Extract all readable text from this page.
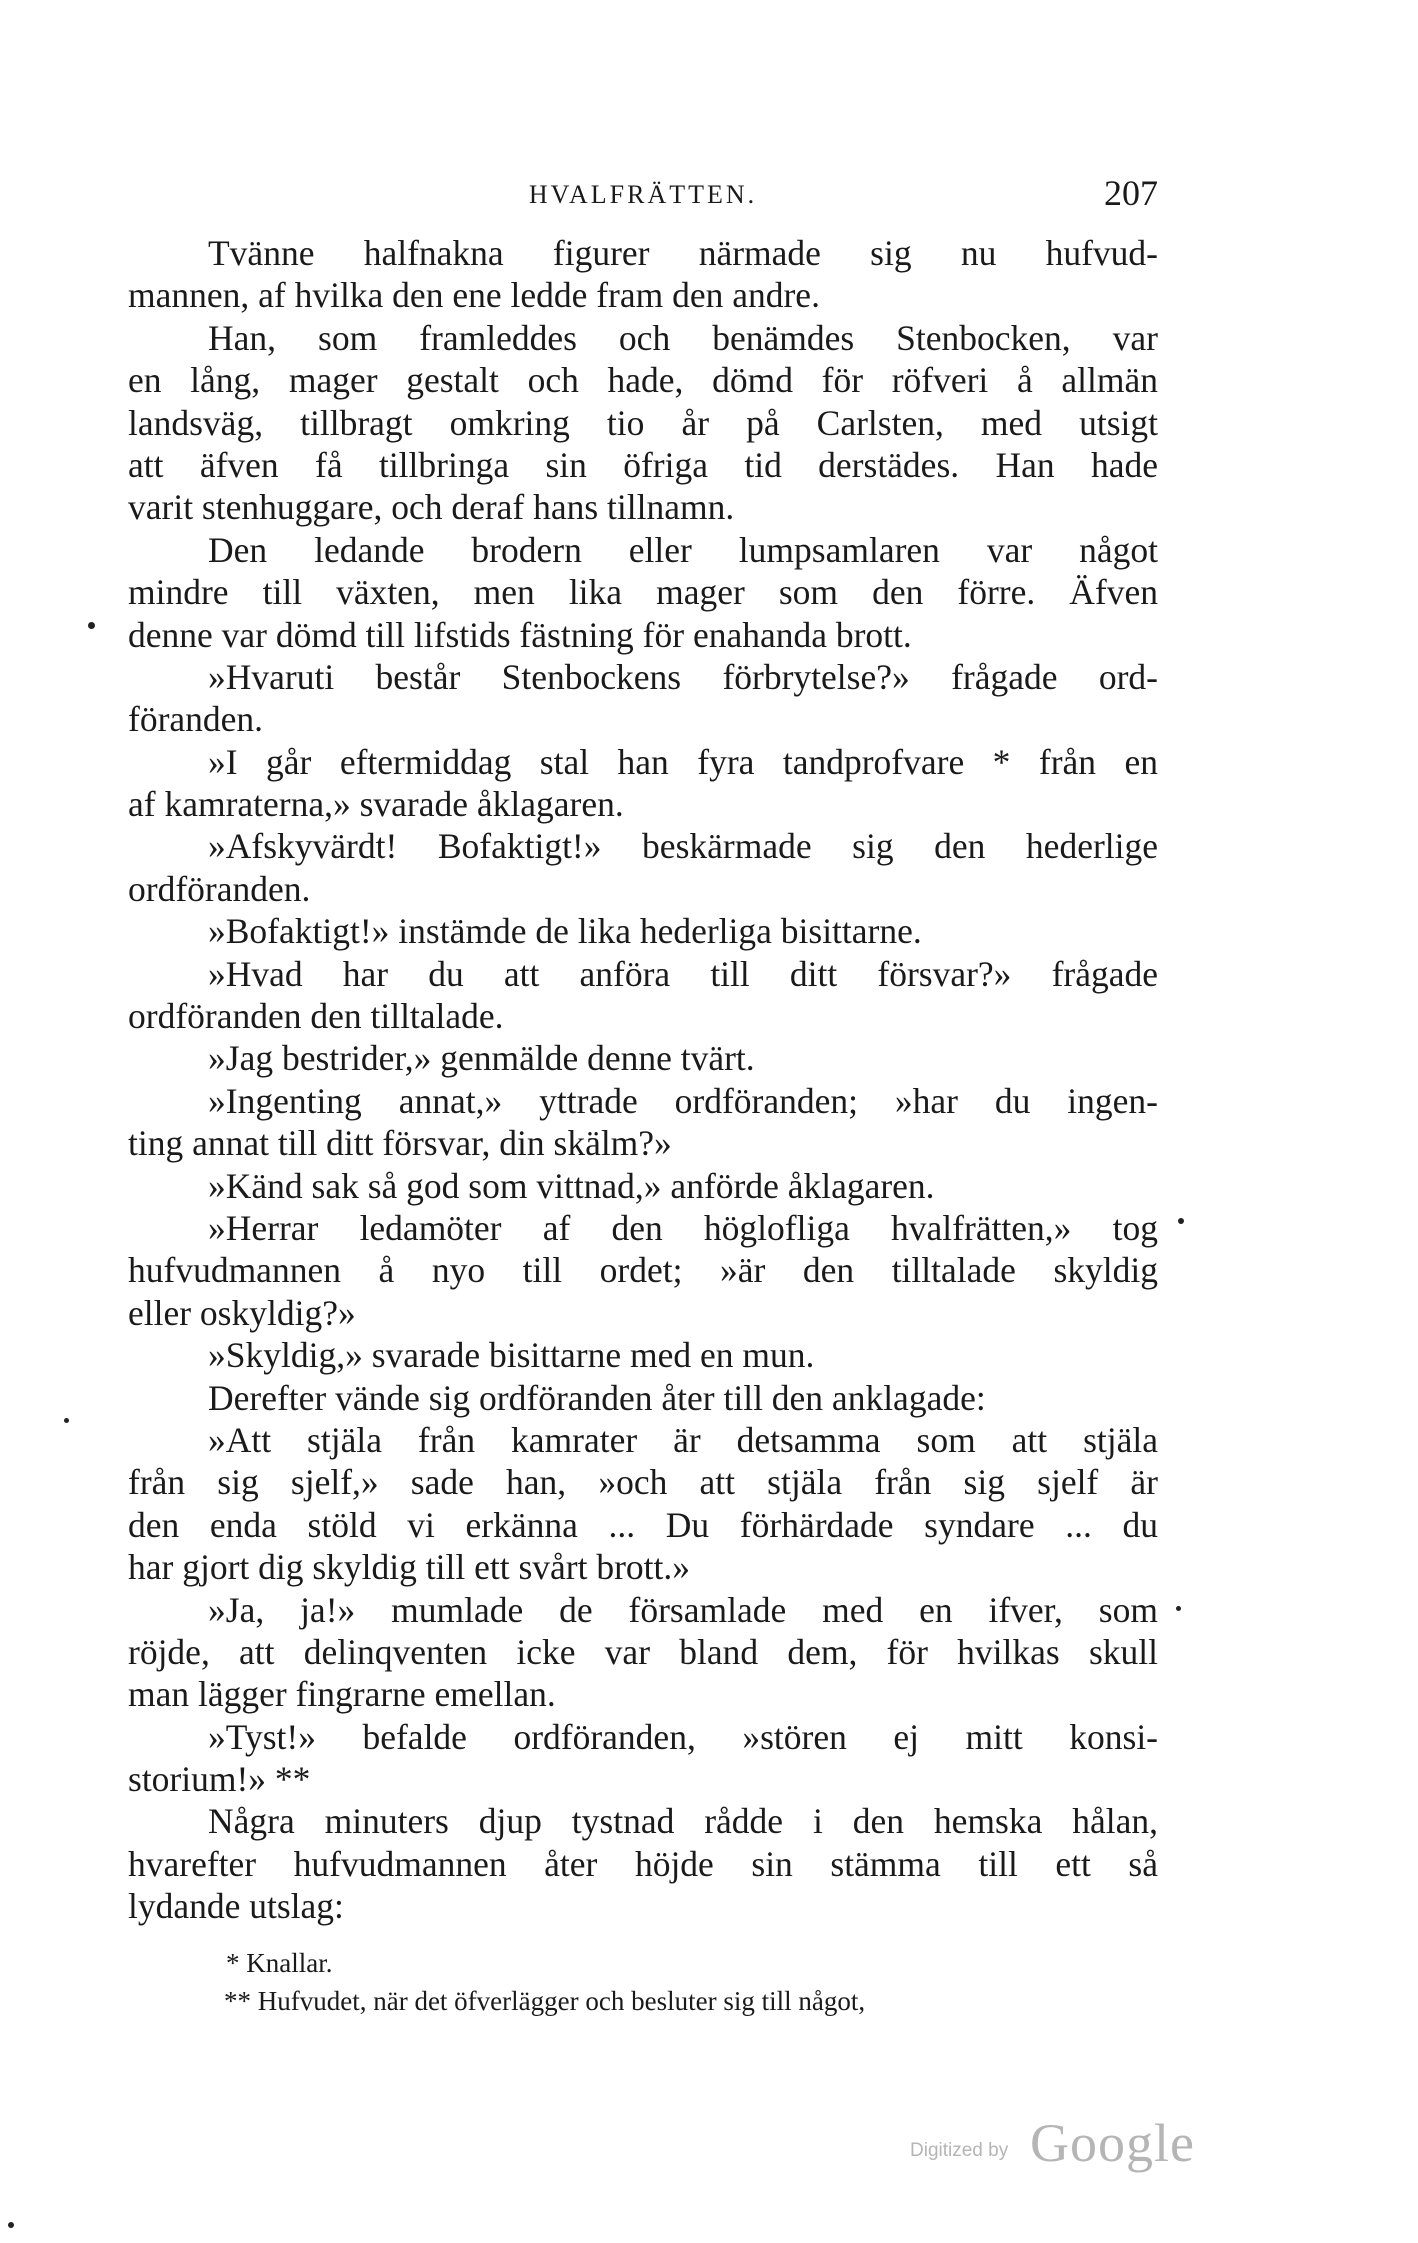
HVALFRÄTTEN.	207
Tvänne halfnakna figurer närmade sig nu hufvud-
mannen, af hvilka den ene ledde fram den andre.
Han, som framleddes och benämdes Stenbocken, var
en lång, mager gestalt och hade, dömd för röfveri å allmän
landsväg, tillbragt omkring tio år på Carlsten, med utsigt
att äfven få tillbringa sin öfriga tid derstädes. Han hade
varit stenhuggare, och deraf hans tillnamn.
Den ledande brodern eller lumpsamlaren var något
mindre till växten, men lika mager som den förre. Äfven
denne var dömd till lifstids fästning för enahanda brott.
»Hvaruti består Stenbockens förbrytelse?» frågade ord-
föranden.
»I går eftermiddag stal han fyra tandprofvare * från en
af kamraterna,» svarade åklagaren.
»Afskyvärdt! Bofaktigt!» beskärmade sig den hederlige
ordföranden.
»Bofaktigt!» instämde de lika hederliga bisittarne.
»Hvad har du att anföra till ditt försvar?» frågade
ordföranden den tilltalade.
»Jag bestrider,» genmälde denne tvärt.
»Ingenting annat,» yttrade ordföranden; »har du ingen-
ting annat till ditt försvar, din skälm?»
»Känd sak så god som vittnad,» anförde åklagaren.
»Herrar ledamöter af den höglofliga hvalfrätten,» tog
hufvudmannen å nyo till ordet; »är den tilltalade skyldig
eller oskyldig?»
»Skyldig,» svarade bisittarne med en mun.
Derefter vände sig ordföranden åter till den anklagade:
»Att stjäla från kamrater är detsamma som att stjäla
från sig sjelf,» sade han, »och att stjäla från sig sjelf är
den enda stöld vi erkänna ... Du förhärdade syndare ... du
har gjort dig skyldig till ett svårt brott.»
»Ja, ja!» mumlade de församlade med en ifver, som
röjde, att delinqventen icke var bland dem, för hvilkas skull
man lägger fingrarne emellan.
»Tyst!» befalde ordföranden, »stören ej mitt konsi-
storium!» **
Några minuters djup tystnad rådde i den hemska hålan,
hvarefter hufvudmannen åter höjde sin stämma till ett så
lydande utslag:
* Knallar.
** Hufvudet, när det öfverlägger och besluter sig till något,
Digitized by Google
